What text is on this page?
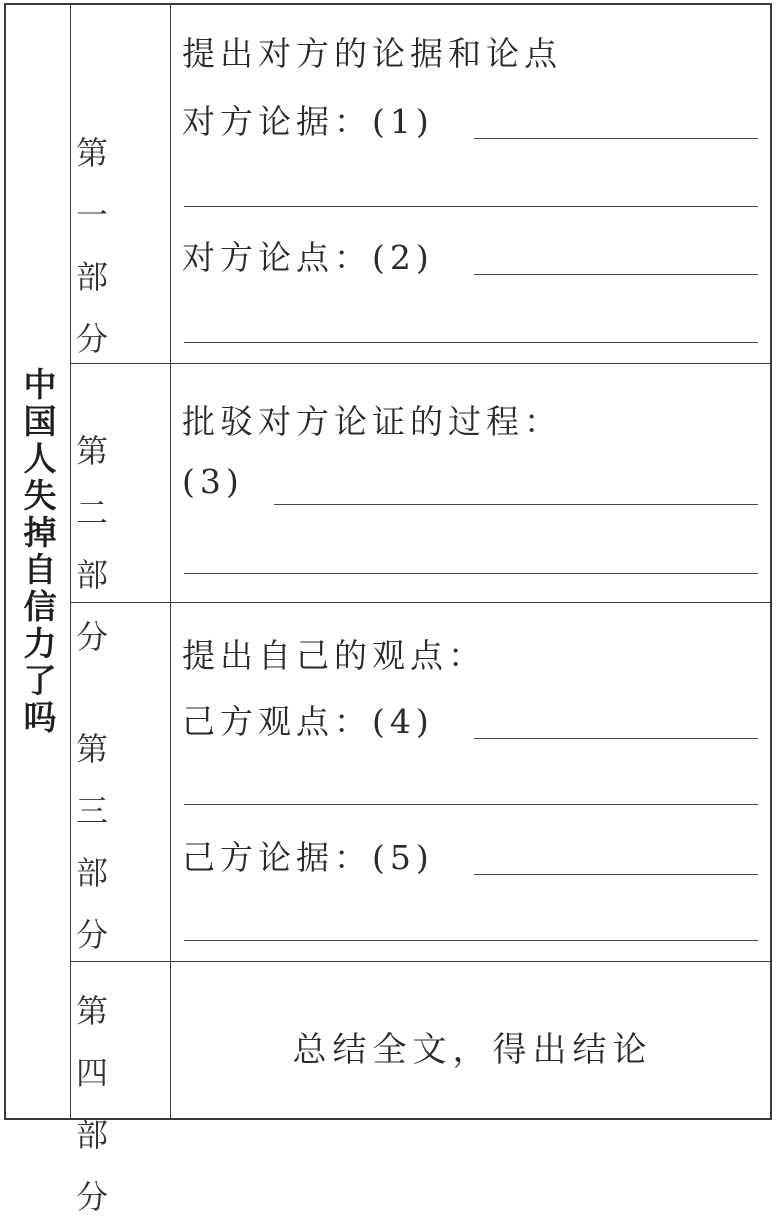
中国人失掉自信力了吗
第一
部分
提出对方的论据和论点
对方论据：(1)
对方论点：(2)
第二
部分
批驳对方论证的过程：
(3)
第三
部分
提出自己的观点：
己方观点：(4)
己方论据：(5)
第四
部分
总结全文，得出结论
